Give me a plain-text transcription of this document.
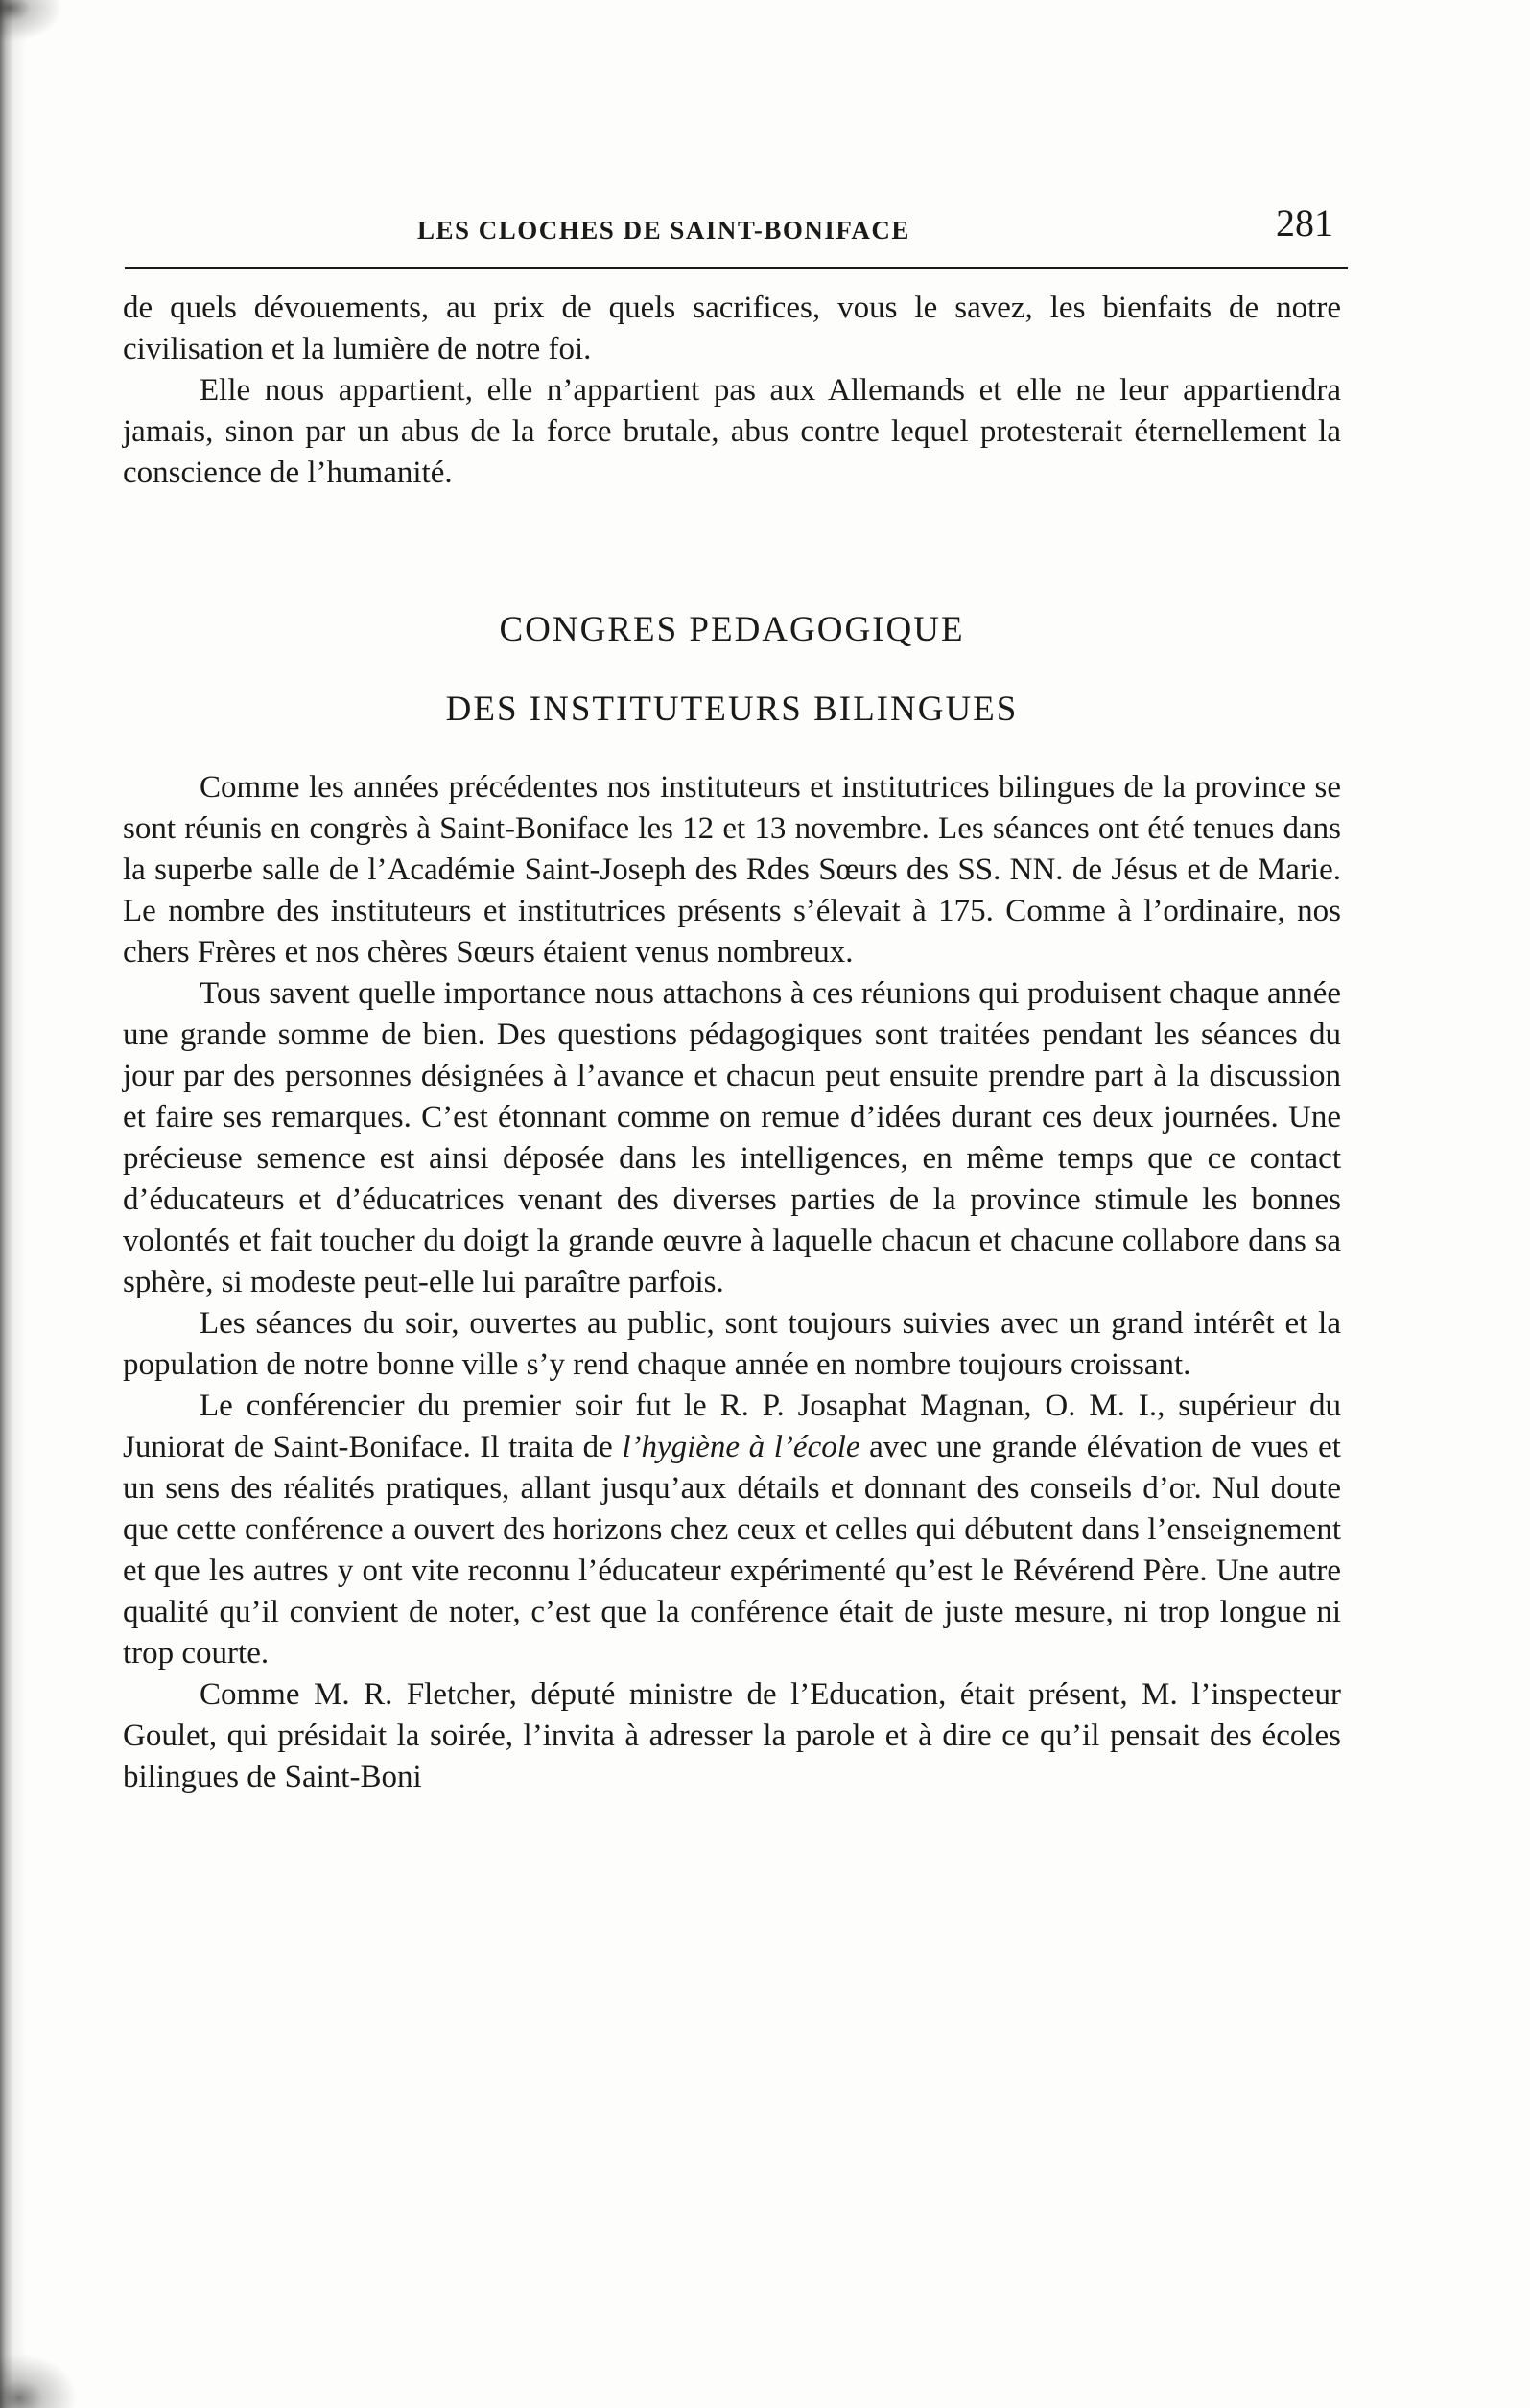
LES CLOCHES DE SAINT-BONIFACE	281

de quels dévouements, au prix de quels sacrifices, vous le savez, les bienfaits de notre civilisation et la lumière de notre foi.

Elle nous appartient, elle n’appartient pas aux Allemands et elle ne leur appartiendra jamais, sinon par un abus de la force brutale, abus contre lequel protesterait éternellement la conscience de l’humanité.

CONGRES PEDAGOGIQUE
DES INSTITUTEURS BILINGUES

Comme les années précédentes nos instituteurs et institutrices bilingues de la province se sont réunis en congrès à Saint-Boniface les 12 et 13 novembre. Les séances ont été tenues dans la superbe salle de l’Académie Saint-Joseph des Rdes Sœurs des SS. NN. de Jésus et de Marie. Le nombre des instituteurs et institutrices présents s’élevait à 175. Comme à l’ordinaire, nos chers Frères et nos chères Sœurs étaient venus nombreux.

Tous savent quelle importance nous attachons à ces réunions qui produisent chaque année une grande somme de bien. Des questions pédagogiques sont traitées pendant les séances du jour par des personnes désignées à l’avance et chacun peut ensuite prendre part à la discussion et faire ses remarques. C’est étonnant comme on remue d’idées durant ces deux journées. Une précieuse semence est ainsi déposée dans les intelligences, en même temps que ce contact d’éducateurs et d’éducatrices venant des diverses parties de la province stimule les bonnes volontés et fait toucher du doigt la grande œuvre à laquelle chacun et chacune collabore dans sa sphère, si modeste peut-elle lui paraître parfois.

Les séances du soir, ouvertes au public, sont toujours suivies avec un grand intérêt et la population de notre bonne ville s’y rend chaque année en nombre toujours croissant.

Le conférencier du premier soir fut le R. P. Josaphat Magnan, O. M. I., supérieur du Juniorat de Saint-Boniface. Il traita de l’hygiène à l’école avec une grande élévation de vues et un sens des réalités pratiques, allant jusqu’aux détails et donnant des conseils d’or. Nul doute que cette conférence a ouvert des horizons chez ceux et celles qui débutent dans l’enseignement et que les autres y ont vite reconnu l’éducateur expérimenté qu’est le Révérend Père. Une autre qualité qu’il convient de noter, c’est que la conférence était de juste mesure, ni trop longue ni trop courte.

Comme M. R. Fletcher, député ministre de l’Education, était présent, M. l’inspecteur Goulet, qui présidait la soirée, l’invita à adresser la parole et à dire ce qu’il pensait des écoles bilingues de Saint-Boni
